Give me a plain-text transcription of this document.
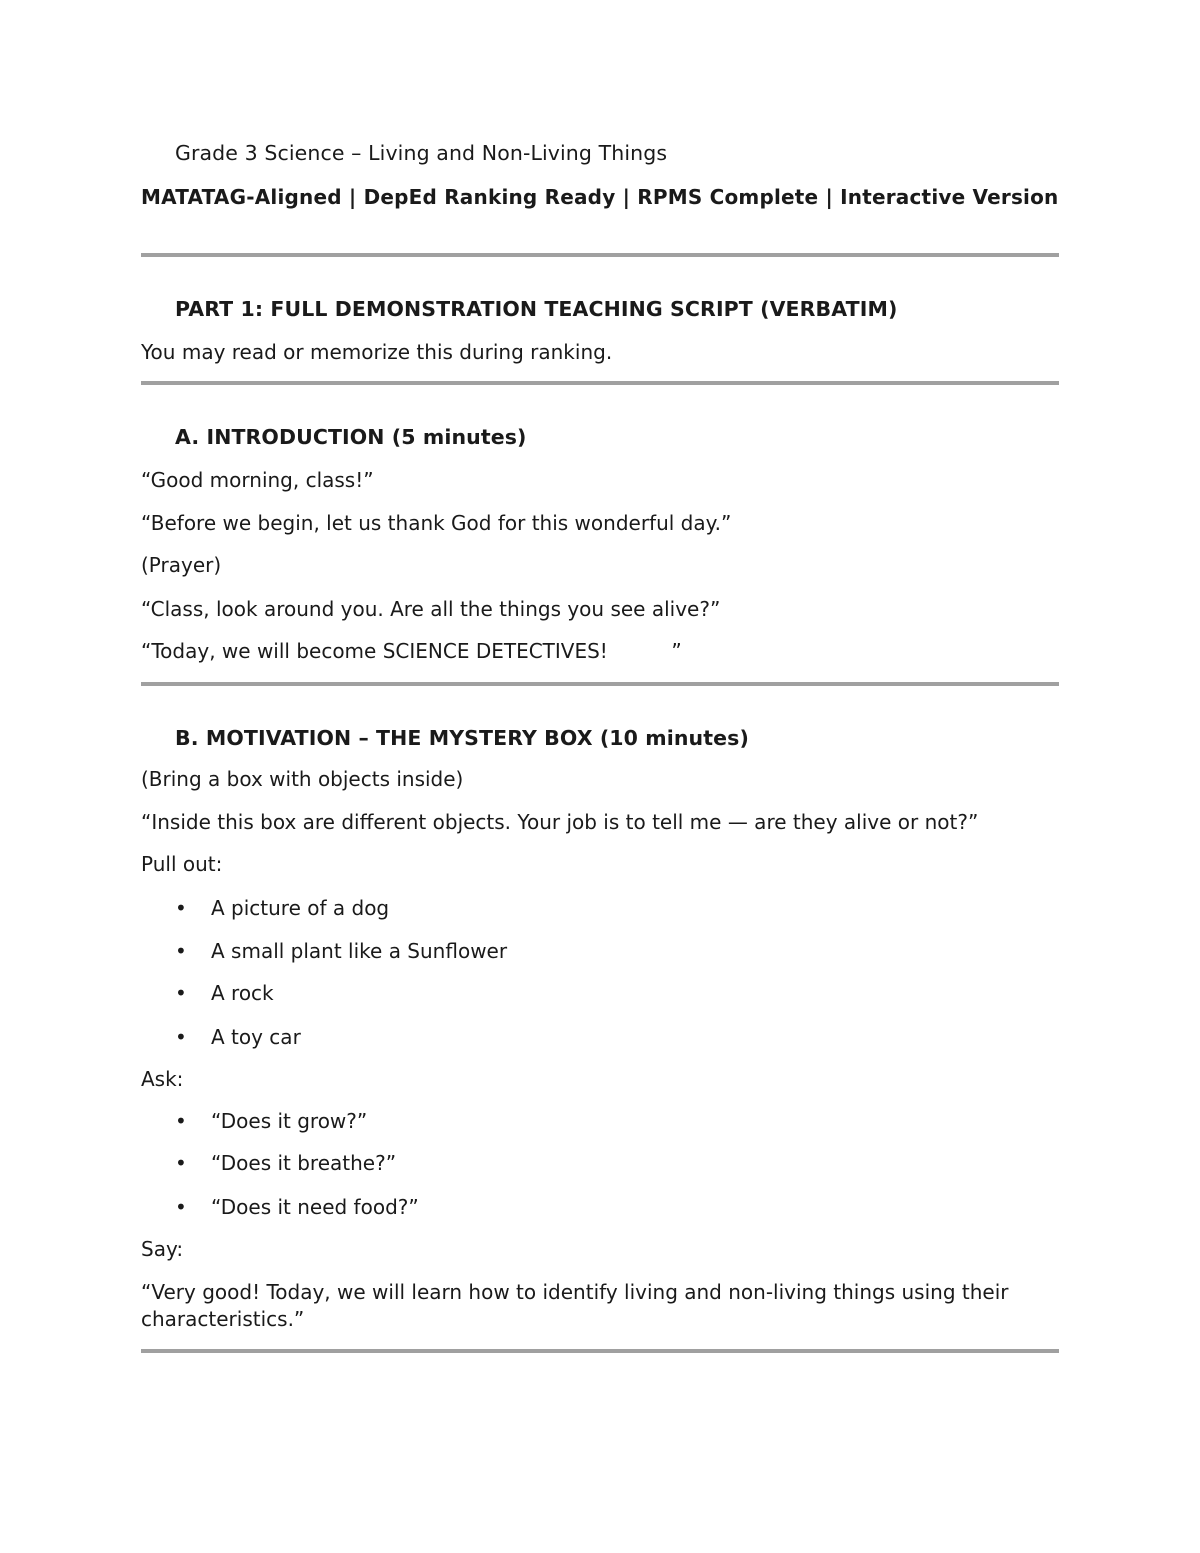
Grade 3 Science – Living and Non-Living Things

MATATAG-Aligned | DepEd Ranking Ready | RPMS Complete | Interactive Version

PART 1: FULL DEMONSTRATION TEACHING SCRIPT (VERBATIM)

You may read or memorize this during ranking.

A. INTRODUCTION (5 minutes)

“Good morning, class!”

“Before we begin, let us thank God for this wonderful day.”

(Prayer)

“Class, look around you. Are all the things you see alive?”

“Today, we will become SCIENCE DETECTIVES!          ”

B. MOTIVATION – THE MYSTERY BOX (10 minutes)

(Bring a box with objects inside)

“Inside this box are different objects. Your job is to tell me — are they alive or not?”

Pull out:

• A picture of a dog
• A small plant like a Sunflower
• A rock
• A toy car

Ask:

• “Does it grow?”
• “Does it breathe?”
• “Does it need food?”

Say:

“Very good! Today, we will learn how to identify living and non-living things using their characteristics.”
